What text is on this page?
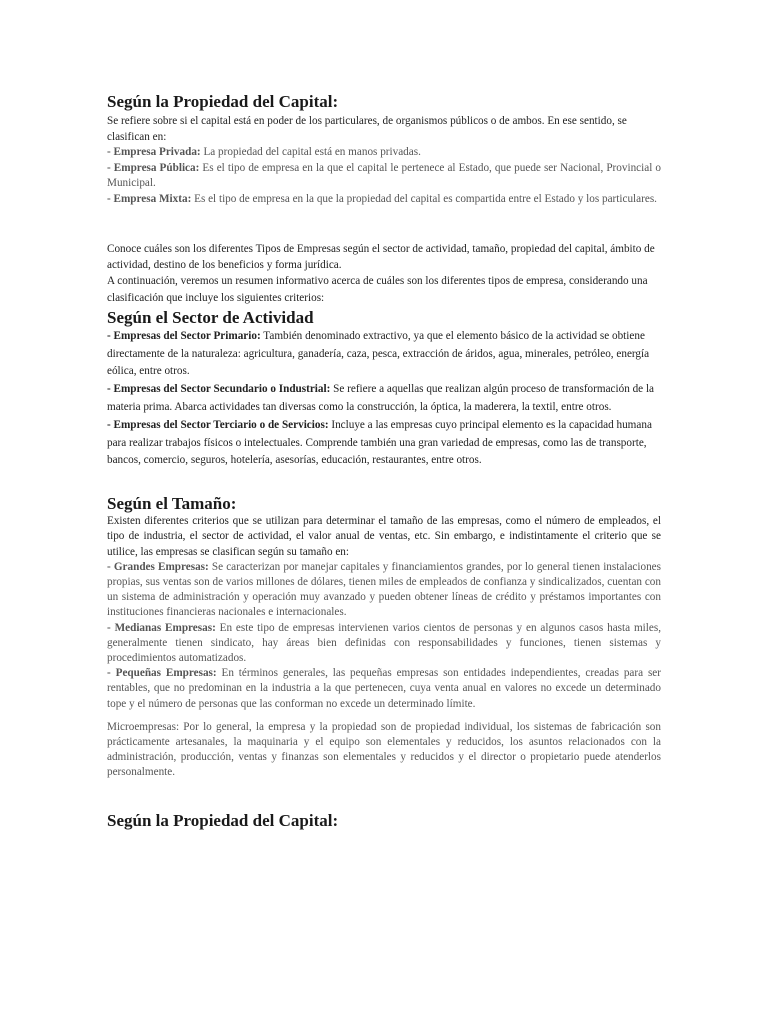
Según la Propiedad del Capital:

Se refiere sobre si el capital está en poder de los particulares, de organismos públicos o de ambos. En ese sentido, se clasifican en:

- Empresa Privada: La propiedad del capital está en manos privadas.

- Empresa Pública: Es el tipo de empresa en la que el capital le pertenece al Estado, que puede ser Nacional, Provincial o Municipal.

- Empresa Mixta: Es el tipo de empresa en la que la propiedad del capital es compartida entre el Estado y los particulares.

Conoce cuáles son los diferentes Tipos de Empresas según el sector de actividad, tamaño, propiedad del capital, ámbito de actividad, destino de los beneficios y forma jurídica.

A continuación, veremos un resumen informativo acerca de cuáles son los diferentes tipos de empresa, considerando una clasificación que incluye los siguientes criterios:

Según el Sector de Actividad

- Empresas del Sector Primario: También denominado extractivo, ya que el elemento básico de la actividad se obtiene directamente de la naturaleza: agricultura, ganadería, caza, pesca, extracción de áridos, agua, minerales, petróleo, energía eólica, entre otros.

- Empresas del Sector Secundario o Industrial: Se refiere a aquellas que realizan algún proceso de transformación de la materia prima. Abarca actividades tan diversas como la construcción, la óptica, la maderera, la textil, entre otros.

- Empresas del Sector Terciario o de Servicios: Incluye a las empresas cuyo principal elemento es la capacidad humana para realizar trabajos físicos o intelectuales. Comprende también una gran variedad de empresas, como las de transporte, bancos, comercio, seguros, hotelería, asesorías, educación, restaurantes, entre otros.

Según el Tamaño:

Existen diferentes criterios que se utilizan para determinar el tamaño de las empresas, como el número de empleados, el tipo de industria, el sector de actividad, el valor anual de ventas, etc. Sin embargo, e indistintamente el criterio que se utilice, las empresas se clasifican según su tamaño en:

- Grandes Empresas: Se caracterizan por manejar capitales y financiamientos grandes, por lo general tienen instalaciones propias, sus ventas son de varios millones de dólares, tienen miles de empleados de confianza y sindicalizados, cuentan con un sistema de administración y operación muy avanzado y pueden obtener líneas de crédito y préstamos importantes con instituciones financieras nacionales e internacionales.

- Medianas Empresas: En este tipo de empresas intervienen varios cientos de personas y en algunos casos hasta miles, generalmente tienen sindicato, hay áreas bien definidas con responsabilidades y funciones, tienen sistemas y procedimientos automatizados.

- Pequeñas Empresas: En términos generales, las pequeñas empresas son entidades independientes, creadas para ser rentables, que no predominan en la industria a la que pertenecen, cuya venta anual en valores no excede un determinado tope y el número de personas que las conforman no excede un determinado límite.

Microempresas: Por lo general, la empresa y la propiedad son de propiedad individual, los sistemas de fabricación son prácticamente artesanales, la maquinaria y el equipo son elementales y reducidos, los asuntos relacionados con la administración, producción, ventas y finanzas son elementales y reducidos y el director o propietario puede atenderlos personalmente.

Según la Propiedad del Capital:
